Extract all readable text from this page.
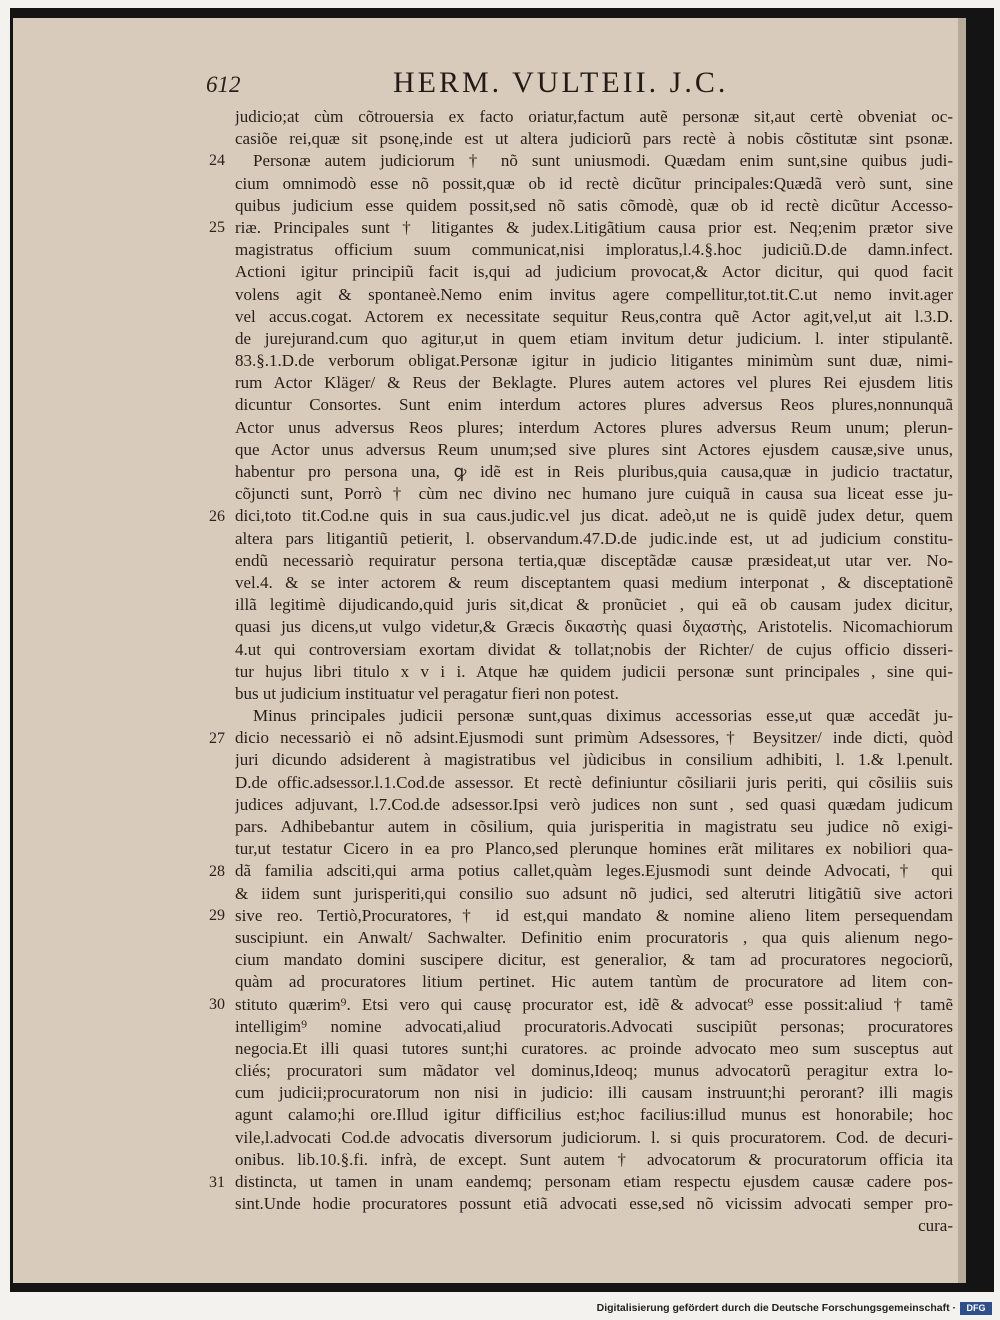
612	HERM. VULTEII. J.C.
judicio;at cùm cõtrouersia ex facto oriatur,factum autẽ personæ sit,aut certè obveniat oc-
casiõe rei,quæ sit psonę,inde est ut altera judiciorũ pars rectè à nobis cõstitutæ sint psonæ.
Personæ autem judiciorum † nõ sunt uniusmodi. Quædam enim sunt,sine quibus judi-
cium omnimodò esse nõ possit,quæ ob id rectè dicũtur principales:Quædã verò sunt, sine
quibus judicium esse quidem possit,sed nõ satis cõmodè, quæ ob id rectè dicũtur Accesso-
riæ. Principales sunt † litigantes & judex.Litigãtium causa prior est. Neq;enim prætor sive
magistratus officium suum communicat,nisi imploratus,l.4.§.hoc judiciũ.D.de damn.infect.
Actioni igitur principiũ facit is,qui ad judicium provocat,& Actor dicitur, qui quod facit
volens agit & spontaneè.Nemo enim invitus agere compellitur,tot.tit.C.ut nemo invit.ager
vel accus.cogat. Actorem ex necessitate sequitur Reus,contra quẽ Actor agit,vel,ut ait l.3.D.
de jurejurand.cum quo agitur,ut in quem etiam invitum detur judicium. l. inter stipulantẽ.
83.§.1.D.de verborum obligat.Personæ igitur in judicio litigantes minimùm sunt duæ, nimi-
rum Actor Kläger/ & Reus der Beklagte. Plures autem actores vel plures Rei ejusdem litis
dicuntur Consortes. Sunt enim interdum actores plures adversus Reos plures,nonnunquã
Actor unus adversus Reos plures; interdum Actores plures adversus Reum unum; plerun-
que Actor unus adversus Reum unum;sed sive plures sint Actores ejusdem causæ,sive unus,
habentur pro persona una, ꝙ idẽ est in Reis pluribus,quia causa,quæ in judicio tractatur,
cõjuncti sunt, Porrò † cùm nec divino nec humano jure cuiquã in causa sua liceat esse ju-
dici,toto tit.Cod.ne quis in sua caus.judic.vel jus dicat. adeò,ut ne is quidẽ judex detur, quem
altera pars litigantiũ petierit, l. observandum.47.D.de judic.inde est, ut ad judicium constitu-
endũ necessariò requiratur persona tertia,quæ disceptãdæ causæ præsideat,ut utar ver. No-
vel.4. & se inter actorem & reum disceptantem quasi medium interponat , & disceptationẽ
illã legitimè dijudicando,quid juris sit,dicat & pronũciet , qui eã ob causam judex dicitur,
quasi jus dicens,ut vulgo videtur,& Græcis δικαστὴς quasi διχαστὴς, Aristotelis. Nicomachiorum
4.ut qui controversiam exortam dividat & tollat;nobis der Richter/ de cujus officio disseri-
tur hujus libri titulo x v i i. Atque hæ quidem judicii personæ sunt principales , sine qui-
bus ut judicium instituatur vel peragatur fieri non potest.
Minus principales judicii personæ sunt,quas diximus accessorias esse,ut quæ accedãt ju-
dicio necessariò ei nõ adsint.Ejusmodi sunt primùm Adsessores,† Beysitzer/ inde dicti, quòd
juri dicundo adsiderent à magistratibus vel jùdicibus in consilium adhibiti, l. 1.& l.penult.
D.de offic.adsessor.l.1.Cod.de assessor. Et rectè definiuntur cõsiliarii juris periti, qui cõsiliis suis
judices adjuvant, l.7.Cod.de adsessor.Ipsi verò judices non sunt , sed quasi quædam judicum
pars. Adhibebantur autem in cõsilium, quia jurisperitia in magistratu seu judice nõ exigi-
tur,ut testatur Cicero in ea pro Planco,sed plerunque homines erãt militares ex nobiliori qua-
dã familia adsciti,qui arma potius callet,quàm leges.Ejusmodi sunt deinde Advocati,† qui
& iidem sunt jurisperiti,qui consilio suo adsunt nõ judici, sed alterutri litigãtiũ sive actori
sive reo. Tertiò,Procuratores,† id est,qui mandato & nomine alieno litem persequendam
suscipiunt. ein Anwalt/ Sachwalter. Definitio enim procuratoris , qua quis alienum nego-
cium mandato domini suscipere dicitur, est generalior, & tam ad procuratores negociorũ,
quàm ad procuratores litium pertinet. Hic autem tantùm de procuratore ad litem con-
stituto quærim⁹. Etsi vero qui causę procurator est, idẽ & advocat⁹ esse possit:aliud † tamẽ
intelligim⁹ nomine advocati,aliud procuratoris.Advocati suscipiũt personas; procuratores
negocia.Et illi quasi tutores sunt;hi curatores. ac proinde advocato meo sum susceptus aut
cliés; procuratori sum mãdator vel dominus,Ideoq; munus advocatorũ peragitur extra lo-
cum judicii;procuratorum non nisi in judicio: illi causam instruunt;hi perorant? illi magis
agunt calamo;hi ore.Illud igitur difficilius est;hoc facilius:illud munus est honorabile; hoc
vile,l.advocati Cod.de advocatis diversorum judiciorum. l. si quis procuratorem. Cod. de decuri-
onibus. lib.10.§.fi. infrà, de except. Sunt autem † advocatorum & procuratorum officia ita
distincta, ut tamen in unam eandemq; personam etiam respectu ejusdem causæ cadere pos-
sint.Unde hodie procuratores possunt etiã advocati esse,sed nõ vicissim advocati semper pro-
cura-
24
25
26
27
28
29
30
31
Digitalisierung gefördert durch die Deutsche Forschungsgemeinschaft ·	DFG
